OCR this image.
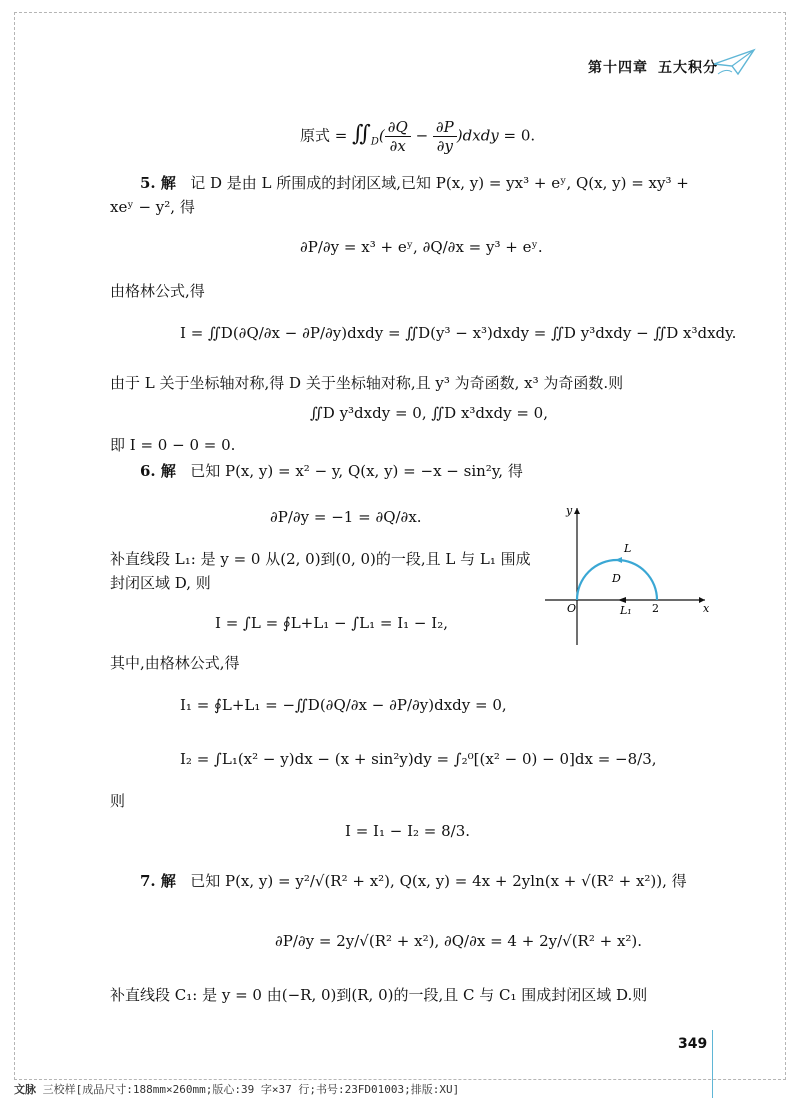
第十四章 五大积分
原式 = $∬_D( \frac{\partial Q}{\partial x} - \frac{\partial P}{\partial y}$ )dxdy = 0.
5. 解 记 D 是由 L 所围成的封闭区域,已知 P(x, y) = yx³ + eʸ, Q(x, y) = xy³ +
xeʸ − y², 得
∂P/∂y = x³ + eʸ, ∂Q/∂x = y³ + eʸ.
由格林公式,得
I = ∬D(∂Q/∂x − ∂P/∂y)dxdy = ∬D(y³ − x³)dxdy = ∬D y³dxdy − ∬D x³dxdy.
由于 L 关于坐标轴对称,得 D 关于坐标轴对称,且 y³ 为奇函数, x³ 为奇函数.则
∬D y³dxdy = 0, ∬D x³dxdy = 0,
即 I = 0 − 0 = 0.
6. 解 已知 P(x, y) = x² − y, Q(x, y) = −x − sin²y, 得
∂P/∂y = −1 = ∂Q/∂x.
补直线段 L₁: 是 y = 0 从(2, 0)到(0, 0)的一段,且 L 与 L₁ 围成
封闭区域 D, 则
I = ∫L = ∮L+L₁ − ∫L₁ = I₁ − I₂,
其中,由格林公式,得
I₁ = ∮L+L₁ = −∬D(∂Q/∂x − ∂P/∂y)dxdy = 0,
I₂ = ∫L₁(x² − y)dx − (x + sin²y)dy = ∫₂⁰[(x² − 0) − 0]dx = −8/3,
则
I = I₁ − I₂ = 8/3.
y
x
O
L
D
L₁ 2
7. 解 已知 P(x, y) = y²/√(R² + x²), Q(x, y) = 4x + 2yln(x + √(R² + x²)), 得
∂P/∂y = 2y/√(R² + x²), ∂Q/∂x = 4 + 2y/√(R² + x²).
补直线段 C₁: 是 y = 0 由(−R, 0)到(R, 0)的一段,且 C 与 C₁ 围成封闭区域 D.则
349
文脉 三校样[成品尺寸:188mm×260mm;版心:39 字×37 行;书号:23FD01003;排版:XU]
